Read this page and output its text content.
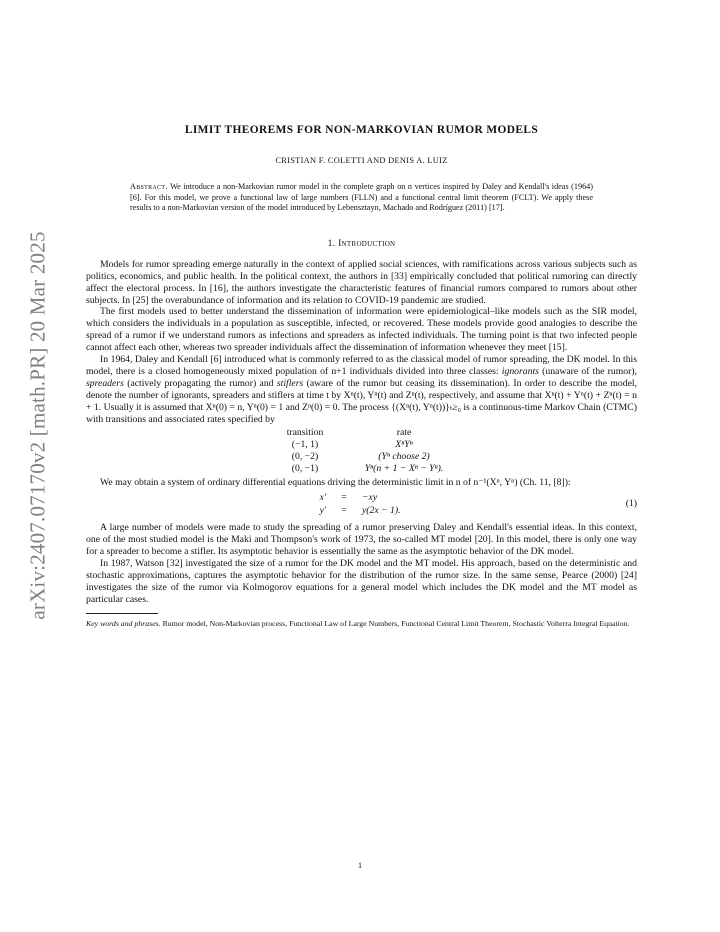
arXiv:2407.07170v2 [math.PR] 20 Mar 2025
LIMIT THEOREMS FOR NON-MARKOVIAN RUMOR MODELS
CRISTIAN F. COLETTI AND DENIS A. LUIZ
Abstract. We introduce a non-Markovian rumor model in the complete graph on n vertices inspired by Daley and Kendall's ideas (1964) [6]. For this model, we prove a functional law of large numbers (FLLN) and a functional central limit theorem (FCLT). We apply these results to a non-Markovian version of the model introduced by Lebensztayn, Machado and Rodríguez (2011) [17].
1. Introduction

Models for rumor spreading emerge naturally in the context of applied social sciences, with ramifications across various subjects such as politics, economics, and public health. In the political context, the authors in [33] empirically concluded that political rumoring can directly affect the electoral process. In [16], the authors investigate the characteristic features of financial rumors compared to rumors about other subjects. In [25] the overabundance of information and its relation to COVID-19 pandemic are studied.

The first models used to better understand the dissemination of information were epidemiological–like models such as the SIR model, which considers the individuals in a population as susceptible, infected, or recovered. These models provide good analogies to describe the spread of a rumor if we understand rumors as infections and spreaders as infected individuals. The turning point is that two infected people cannot affect each other, whereas two spreader individuals affect the dissemination of information whenever they meet [15].

In 1964, Daley and Kendall [6] introduced what is commonly referred to as the classical model of rumor spreading, the DK model. In this model, there is a closed homogeneously mixed population of n+1 individuals divided into three classes: ignorants (unaware of the rumor), spreaders (actively propagating the rumor) and stiflers (aware of the rumor but ceasing its dissemination). In order to describe the model, denote the number of ignorants, spreaders and stiflers at time t by Xⁿ(t), Yⁿ(t) and Zⁿ(t), respectively, and assume that Xⁿ(t) + Yⁿ(t) + Zⁿ(t) = n + 1. Usually it is assumed that Xⁿ(0) = n, Yⁿ(0) = 1 and Zⁿ(0) = 0. The process {(Xⁿ(t), Yⁿ(t))}ₜ≥₀ is a continuous-time Markov Chain (CTMC) with transitions and associated rates specified by

transition	rate
(−1, 1)	XⁿYⁿ
(0, −2)	(Yⁿ choose 2)
(0, −1)	Yⁿ(n + 1 − Xⁿ − Yⁿ).

We may obtain a system of ordinary differential equations driving the deterministic limit in n of n⁻¹(Xⁿ, Yⁿ) (Ch. 11, [8]):

x′	=	−xy
y′	=	y(2x − 1).
(1)

A large number of models were made to study the spreading of a rumor preserving Daley and Kendall's essential ideas. In this context, one of the most studied model is the Maki and Thompson's work of 1973, the so-called MT model [20]. In this model, there is only one way for a spreader to become a stifler. Its asymptotic behavior is essentially the same as the asymptotic behavior of the DK model.

In 1987, Watson [32] investigated the size of a rumor for the DK model and the MT model. His approach, based on the deterministic and stochastic approximations, captures the asymptotic behavior for the distribution of the rumor size. In the same sense, Pearce (2000) [24] investigates the size of the rumor via Kolmogorov equations for a general model which includes the DK model and the MT model as particular cases.

Key words and phrases. Rumor model, Non-Markovian process, Functional Law of Large Numbers, Functional Central Limit Theorem, Stochastic Volterra Integral Equation.
1
